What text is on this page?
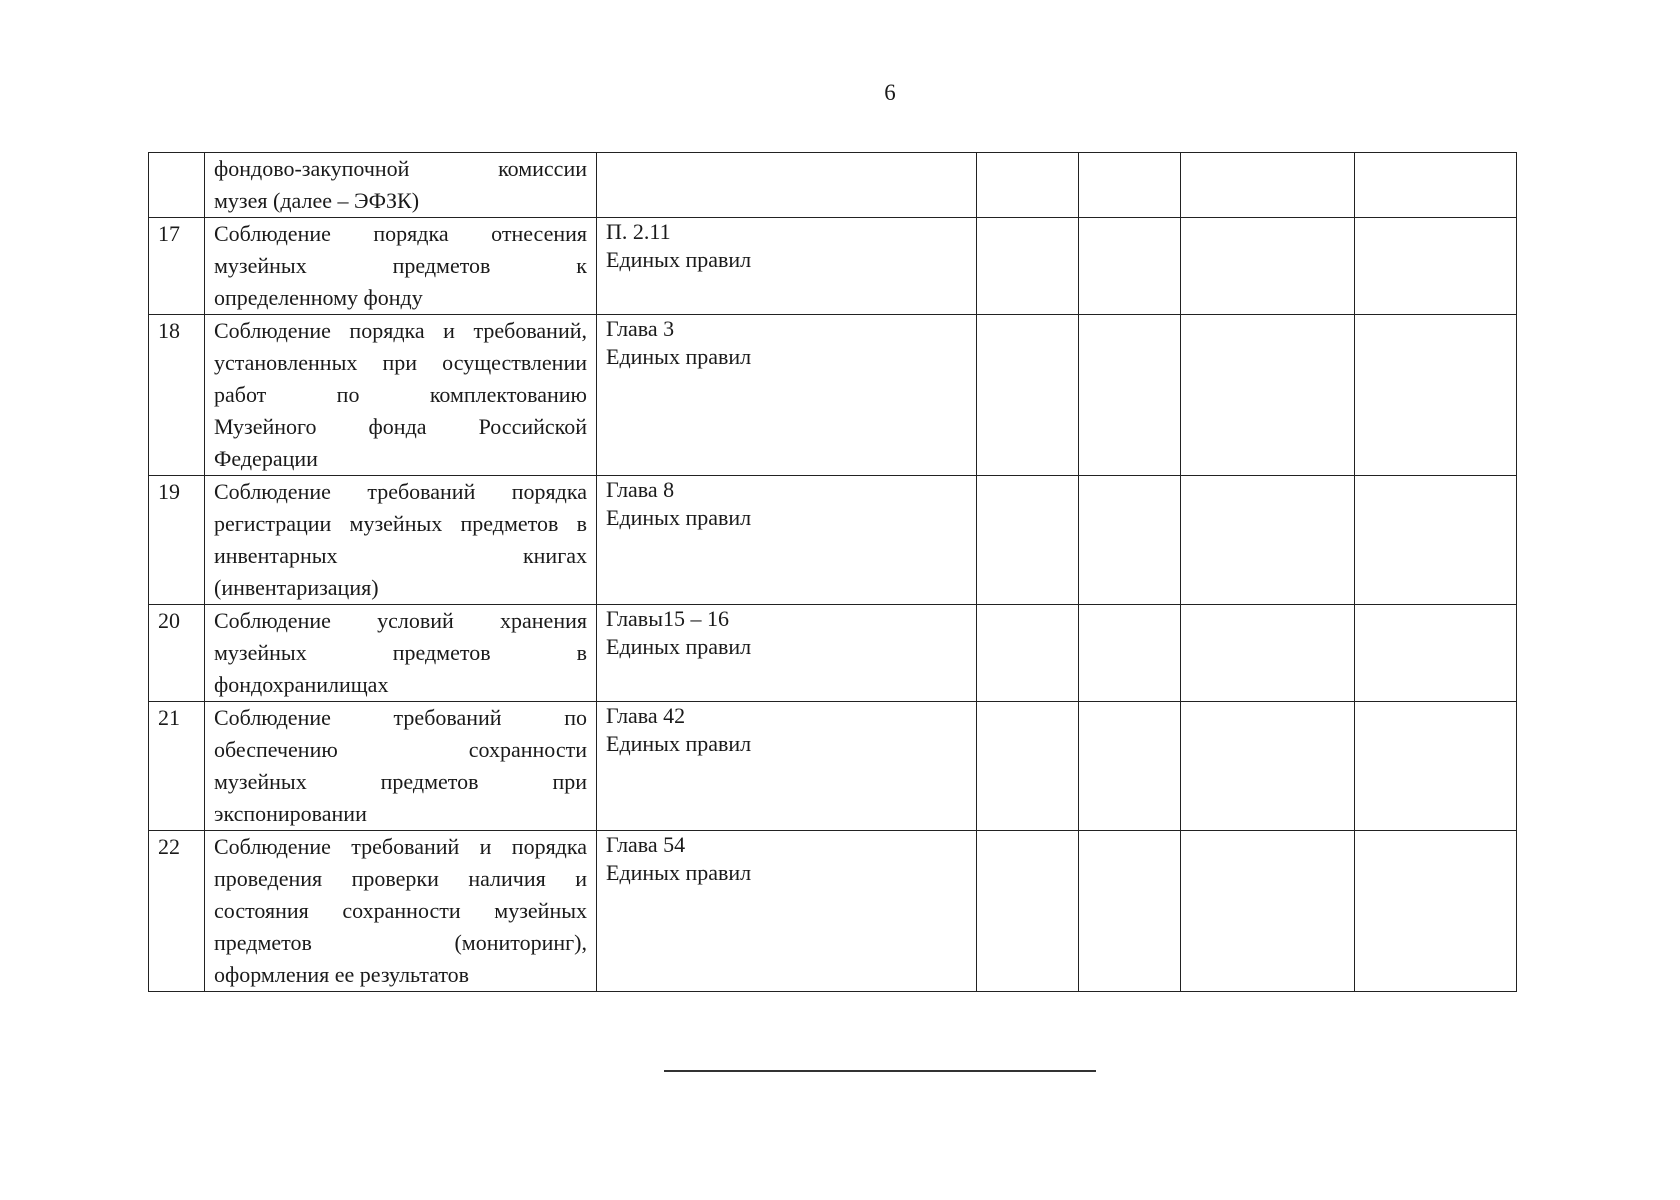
6

	фондово-закупочной комиссии
музея (далее – ЭФЗК)					

17	Соблюдение порядка отнесения
музейных предметов к
определенному фонду	П. 2.11
Единых правил				

18	Соблюдение порядка и требований,
установленных при осуществлении
работ по комплектованию
Музейного фонда Российской
Федерации	Глава 3
Единых правил				

19	Соблюдение требований порядка
регистрации музейных предметов в
инвентарных книгах
(инвентаризация)	Глава 8
Единых правил				

20	Соблюдение условий хранения
музейных предметов в
фондохранилищах	Главы15 – 16
Единых правил				

21	Соблюдение требований по
обеспечению сохранности
музейных предметов при
экспонировании	Глава 42
Единых правил				

22	Соблюдение требований и порядка
проведения проверки наличия и
состояния сохранности музейных
предметов (мониторинг),
оформления ее результатов	Глава 54
Единых правил				
